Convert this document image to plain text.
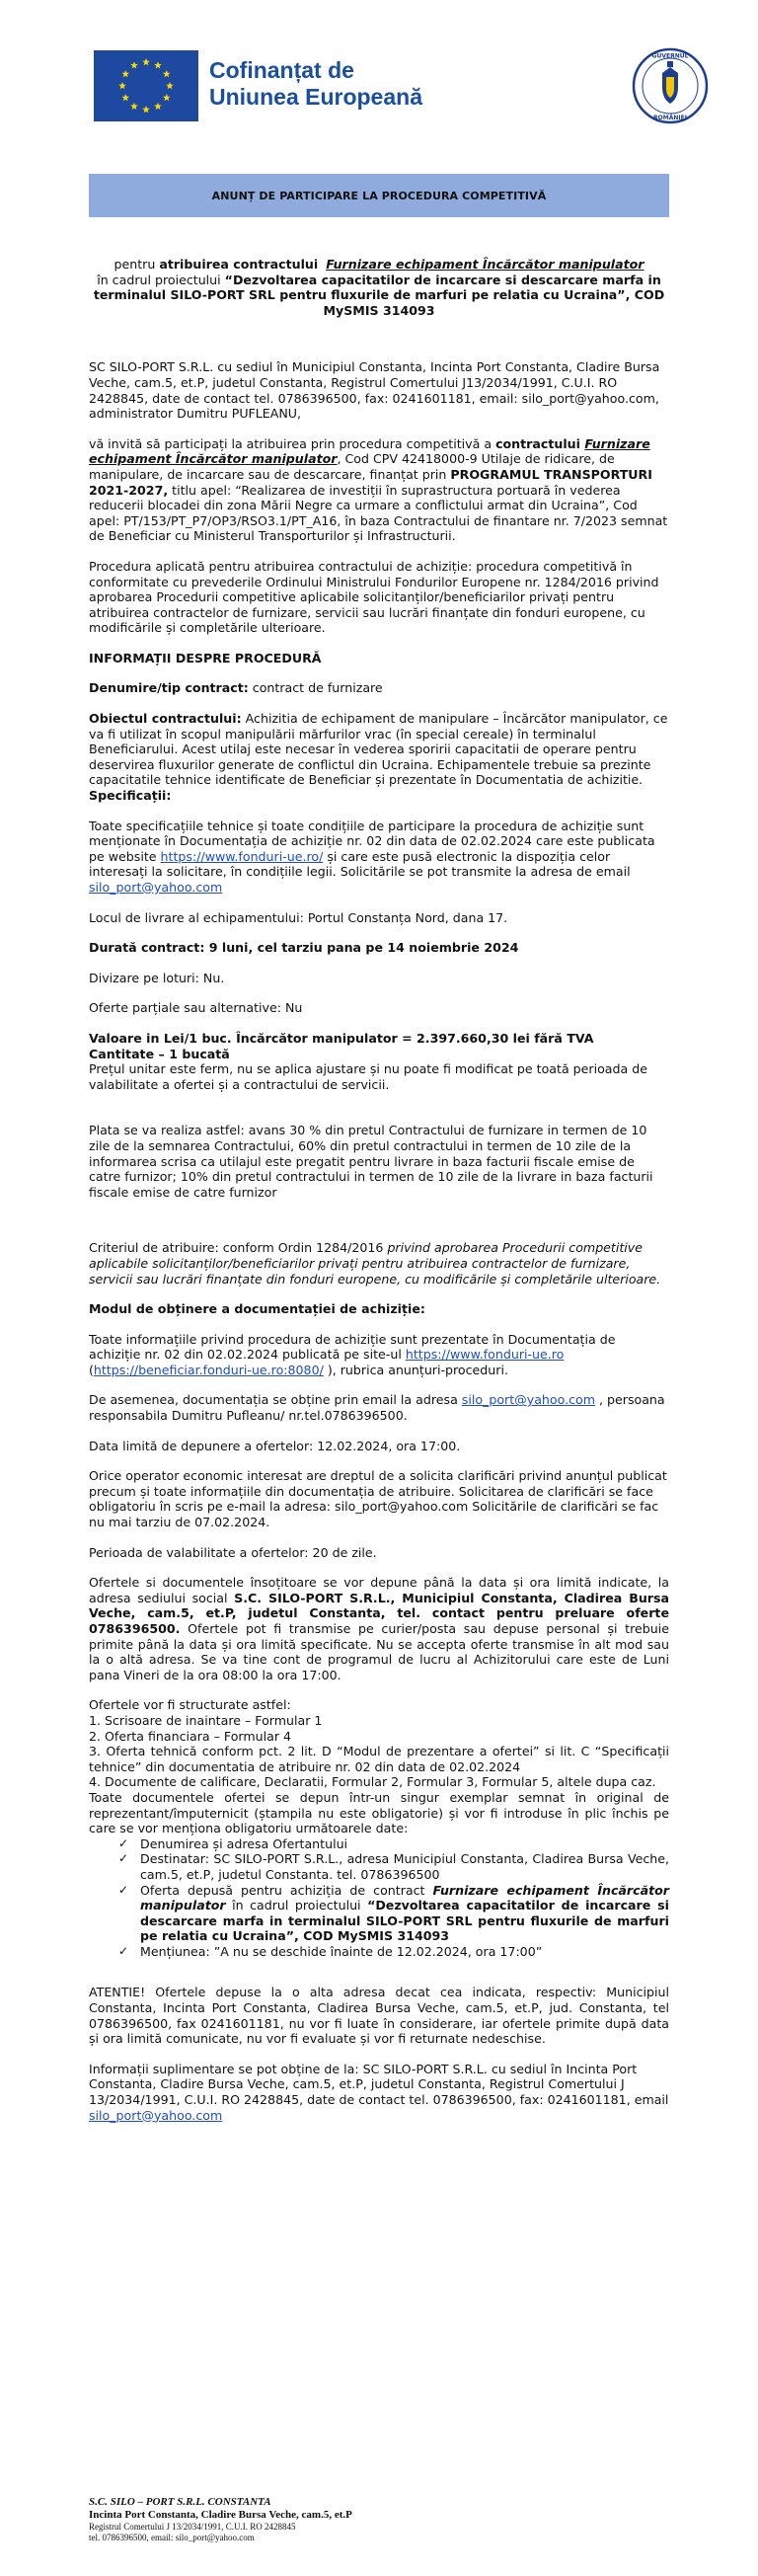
Cofinanțat de
Uniunea Europeană
GUVERNUL
ROMÂNIEI
ANUNȚ DE PARTICIPARE LA PROCEDURA COMPETITIVĂ
pentru atribuirea contractului Furnizare echipament Încărcător manipulator
în cadrul proiectului “Dezvoltarea capacitatilor de incarcare si descarcare marfa in terminalul SILO-PORT SRL pentru fluxurile de marfuri pe relatia cu Ucraina”, COD MySMIS 314093

SC SILO-PORT S.R.L. cu sediul în Municipiul Constanta, Incinta Port Constanta, Cladire Bursa Veche, cam.5, et.P, judetul Constanta, Registrul Comertului J13/2034/1991, C.U.I. RO 2428845, date de contact tel. 0786396500, fax: 0241601181, email: silo_port@yahoo.com, administrator Dumitru PUFLEANU,

vă invită să participați la atribuirea prin procedura competitivă a contractului Furnizare echipament Încărcător manipulator, Cod CPV 42418000-9 Utilaje de ridicare, de manipulare, de incarcare sau de descarcare, finanțat prin PROGRAMUL TRANSPORTURI 2021-2027, titlu apel: “Realizarea de investiții în suprastructura portuară în vederea reducerii blocadei din zona Mării Negre ca urmare a conflictului armat din Ucraina”, Cod apel: PT/153/PT_P7/OP3/RSO3.1/PT_A16, în baza Contractului de finantare nr. 7/2023 semnat de Beneficiar cu Ministerul Transporturilor și Infrastructurii.

Procedura aplicată pentru atribuirea contractului de achiziție: procedura competitivă în conformitate cu prevederile Ordinului Ministrului Fondurilor Europene nr. 1284/2016 privind aprobarea Procedurii competitive aplicabile solicitanților/beneficiarilor privați pentru atribuirea contractelor de furnizare, servicii sau lucrări finanțate din fonduri europene, cu modificările și completările ulterioare.

INFORMAȚII DESPRE PROCEDURĂ

Denumire/tip contract: contract de furnizare

Obiectul contractului: Achizitia de echipament de manipulare – Încărcător manipulator, ce va fi utilizat în scopul manipulării mărfurilor vrac (în special cereale) în terminalul Beneficiarului. Acest utilaj este necesar în vederea sporirii capacitatii de operare pentru deservirea fluxurilor generate de conflictul din Ucraina. Echipamentele trebuie sa prezinte capacitatile tehnice identificate de Beneficiar și prezentate în Documentatia de achizitie.

Specificații:

Toate specificațiile tehnice și toate condițiile de participare la procedura de achiziție sunt menționate în Documentația de achiziție nr. 02 din data de 02.02.2024 care este publicata pe website https://www.fonduri-ue.ro/ și care este pusă electronic la dispoziția celor interesați la solicitare, în condițiile legii. Solicitările se pot transmite la adresa de email silo_port@yahoo.com

Locul de livrare al echipamentului: Portul Constanța Nord, dana 17.

Durată contract: 9 luni, cel tarziu pana pe 14 noiembrie 2024

Divizare pe loturi: Nu.

Oferte parțiale sau alternative: Nu

Valoare in Lei/1 buc. Încărcător manipulator = 2.397.660,30 lei fără TVA
Cantitate – 1 bucată
Prețul unitar este ferm, nu se aplica ajustare și nu poate fi modificat pe toată perioada de valabilitate a ofertei și a contractului de servicii.

Plata se va realiza astfel: avans 30 % din pretul Contractului de furnizare in termen de 10 zile de la semnarea Contractului, 60% din pretul contractului in termen de 10 zile de la informarea scrisa ca utilajul este pregatit pentru livrare in baza facturii fiscale emise de catre furnizor; 10% din pretul contractului in termen de 10 zile de la livrare in baza facturii fiscale emise de catre furnizor

Criteriul de atribuire: conform Ordin 1284/2016 privind aprobarea Procedurii competitive aplicabile solicitanților/beneficiarilor privați pentru atribuirea contractelor de furnizare, servicii sau lucrări finanțate din fonduri europene, cu modificările și completările ulterioare.

Modul de obținere a documentației de achiziție:

Toate informațiile privind procedura de achiziție sunt prezentate în Documentația de achiziție nr. 02 din 02.02.2024 publicată pe site-ul https://www.fonduri-ue.ro (https://beneficiar.fonduri-ue.ro:8080/ ), rubrica anunțuri-proceduri.

De asemenea, documentația se obține prin email la adresa silo_port@yahoo.com , persoana responsabila Dumitru Pufleanu/ nr.tel.0786396500.

Data limită de depunere a ofertelor: 12.02.2024, ora 17:00.

Orice operator economic interesat are dreptul de a solicita clarificări privind anunțul publicat precum și toate informațiile din documentația de atribuire. Solicitarea de clarificări se face obligatoriu în scris pe e-mail la adresa: silo_port@yahoo.com Solicitările de clarificări se fac nu mai tarziu de 07.02.2024.

Perioada de valabilitate a ofertelor: 20 de zile.

Ofertele si documentele însoțitoare se vor depune până la data și ora limită indicate, la adresa sediului social S.C. SILO-PORT S.R.L., Municipiul Constanta, Cladirea Bursa Veche, cam.5, et.P, judetul Constanta, tel. contact pentru preluare oferte 0786396500. Ofertele pot fi transmise pe curier/posta sau depuse personal și trebuie primite până la data și ora limită specificate. Nu se accepta oferte transmise în alt mod sau la o altă adresa. Se va tine cont de programul de lucru al Achizitorului care este de Luni pana Vineri de la ora 08:00 la ora 17:00.

Ofertele vor fi structurate astfel:
1. Scrisoare de inaintare – Formular 1
2. Oferta financiara – Formular 4
3. Oferta tehnică conform pct. 2 lit. D “Modul de prezentare a ofertei” si lit. C “Specificații tehnice” din documentatia de atribuire nr. 02 din data de 02.02.2024
4. Documente de calificare, Declaratii, Formular 2, Formular 3, Formular 5, altele dupa caz.
Toate documentele ofertei se depun într-un singur exemplar semnat în original de reprezentant/împuternicit (ștampila nu este obligatorie) și vor fi introduse în plic închis pe care se vor menționa obligatoriu următoarele date:
✓ Denumirea și adresa Ofertantului
✓ Destinatar: SC SILO-PORT S.R.L., adresa Municipiul Constanta, Cladirea Bursa Veche, cam.5, et.P, judetul Constanta. tel. 0786396500
✓ Oferta depusă pentru achiziția de contract Furnizare echipament Încărcător manipulator în cadrul proiectului “Dezvoltarea capacitatilor de incarcare si descarcare marfa in terminalul SILO-PORT SRL pentru fluxurile de marfuri pe relatia cu Ucraina”, COD MySMIS 314093
✓ Mențiunea: ”A nu se deschide înainte de 12.02.2024, ora 17:00”

ATENTIE! Ofertele depuse la o alta adresa decat cea indicata, respectiv: Municipiul Constanta, Incinta Port Constanta, Cladirea Bursa Veche, cam.5, et.P, jud. Constanta, tel 0786396500, fax 0241601181, nu vor fi luate în considerare, iar ofertele primite după data și ora limită comunicate, nu vor fi evaluate și vor fi returnate nedeschise.

Informații suplimentare se pot obține de la: SC SILO-PORT S.R.L. cu sediul în Incinta Port Constanta, Cladire Bursa Veche, cam.5, et.P, judetul Constanta, Registrul Comertului J 13/2034/1991, C.U.I. RO 2428845, date de contact tel. 0786396500, fax: 0241601181, email silo_port@yahoo.com

S.C. SILO – PORT S.R.L. CONSTANTA
Incinta Port Constanta, Cladire Bursa Veche, cam.5, et.P
Registrul Comertului J 13/2034/1991, C.U.I. RO 2428845
tel. 0786396500, email: silo_port@yahoo.com
